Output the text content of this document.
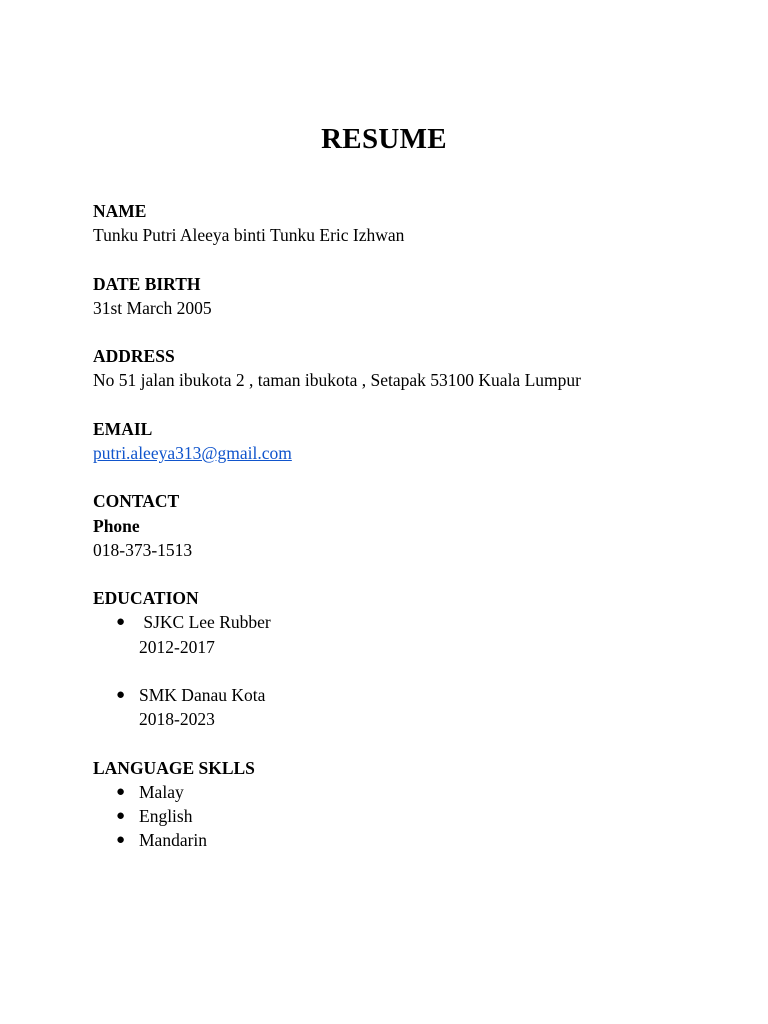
RESUME
NAME
Tunku Putri Aleeya binti Tunku Eric Izhwan
DATE BIRTH
31st March 2005
ADDRESS
No 51 jalan ibukota 2 , taman ibukota , Setapak 53100 Kuala Lumpur
EMAIL
putri.aleeya313@gmail.com
CONTACT
Phone
018-373-1513
EDUCATION
● SJKC Lee Rubber
2012-2017
● SMK Danau Kota
2018-2023
LANGUAGE SKLLS
● Malay
● English
● Mandarin
